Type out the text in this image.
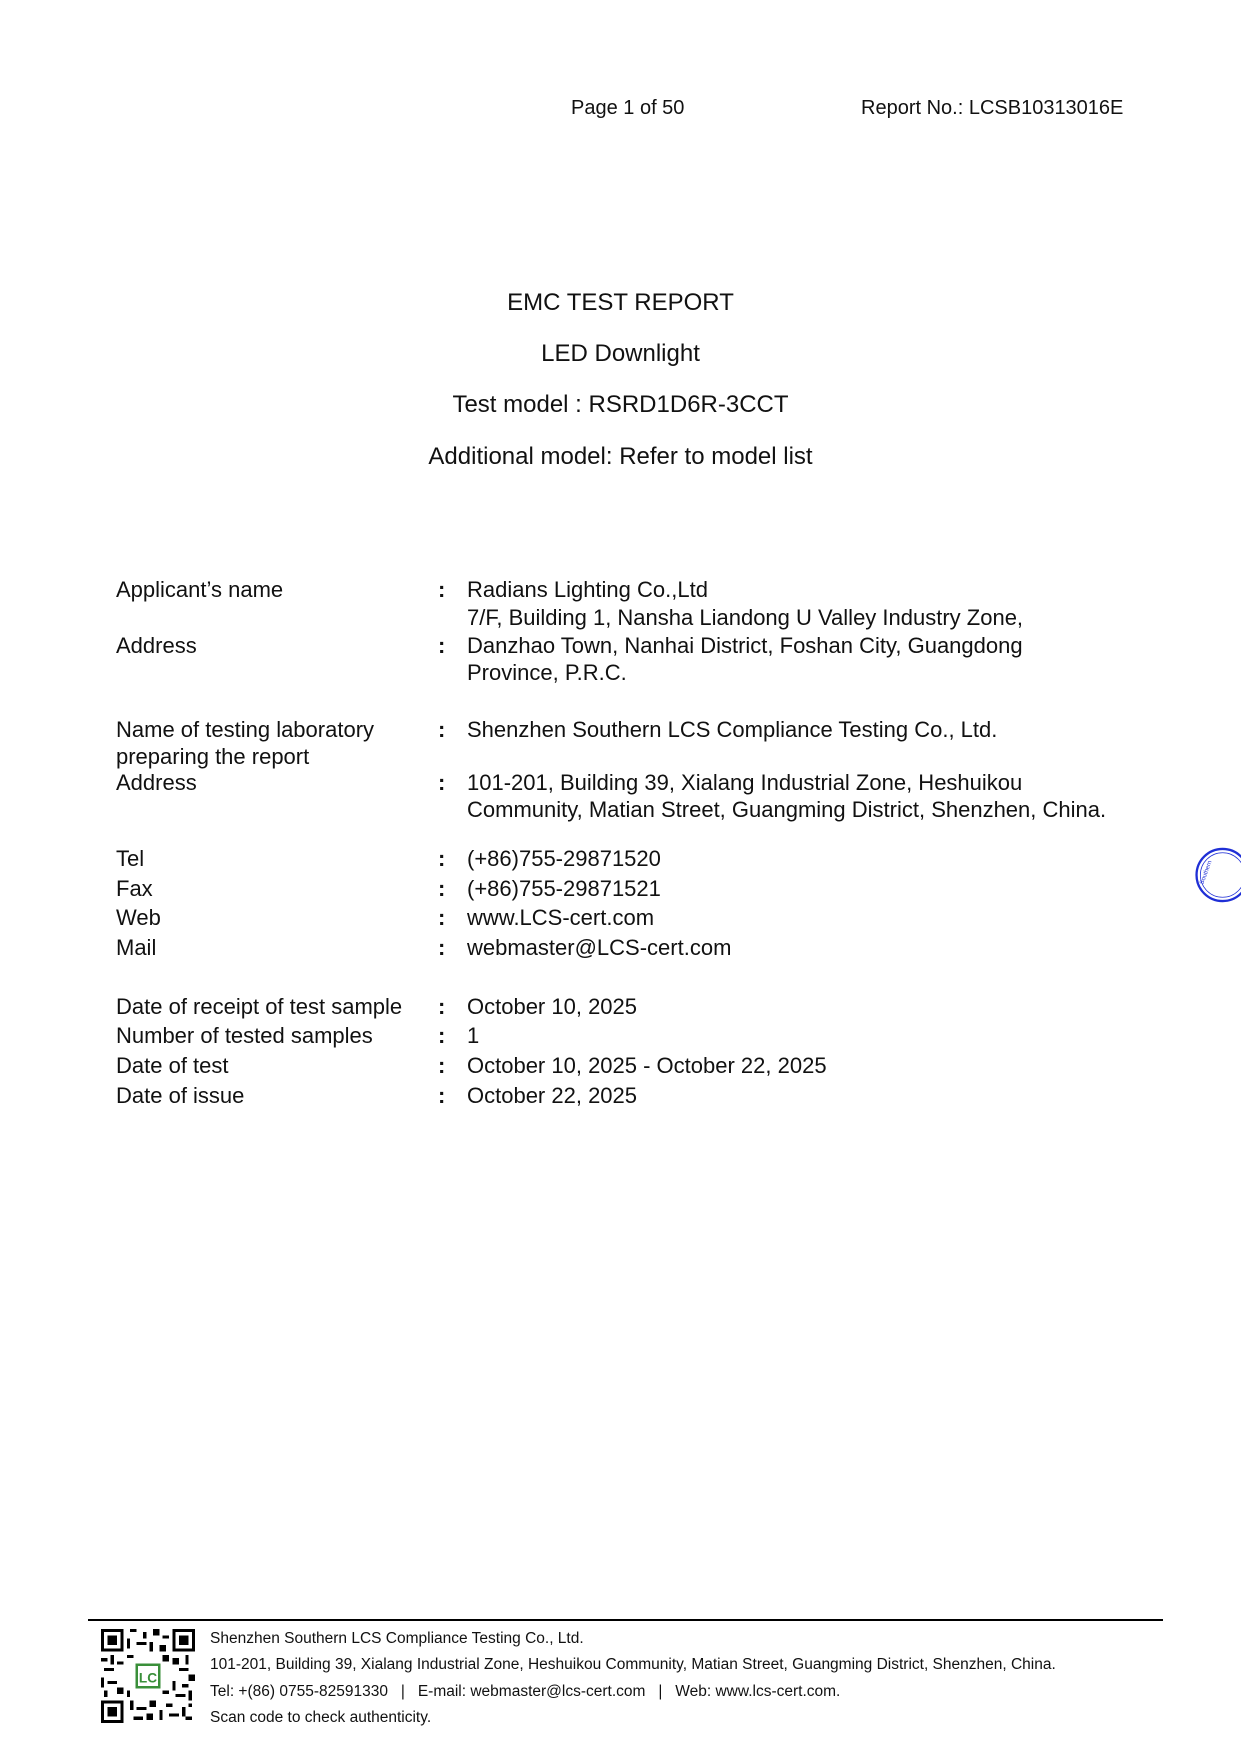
Page 1 of 50	Report No.: LCSB10313016E
EMC TEST REPORT
LED Downlight
Test model : RSRD1D6R-3CCT
Additional model: Refer to model list
Applicant’s name	: Radians Lighting Co.,Ltd
7/F, Building 1, Nansha Liandong U Valley Industry Zone,
Address	: Danzhao Town, Nanhai District, Foshan City, Guangdong
Province, P.R.C.
Name of testing laboratory	: Shenzhen Southern LCS Compliance Testing Co., Ltd.
preparing the report
Address	: 101-201, Building 39, Xialang Industrial Zone, Heshuikou
Community, Matian Street, Guangming District, Shenzhen, China.
Tel	: (+86)755-29871520
Fax	: (+86)755-29871521
Web	: www.LCS-cert.com
Mail	: webmaster@LCS-cert.com
Date of receipt of test sample : October 10, 2025
Number of tested samples	: 1
Date of test	: October 10, 2025 - October 22, 2025
Date of issue	: October 22, 2025
Southern
LC
Shenzhen Southern LCS Compliance Testing Co., Ltd.
101-201, Building 39, Xialang Industrial Zone, Heshuikou Community, Matian Street, Guangming District, Shenzhen, China.
Tel: +(86) 0755-82591330   |   E-mail: webmaster@lcs-cert.com   |   Web: www.lcs-cert.com.
Scan code to check authenticity.
